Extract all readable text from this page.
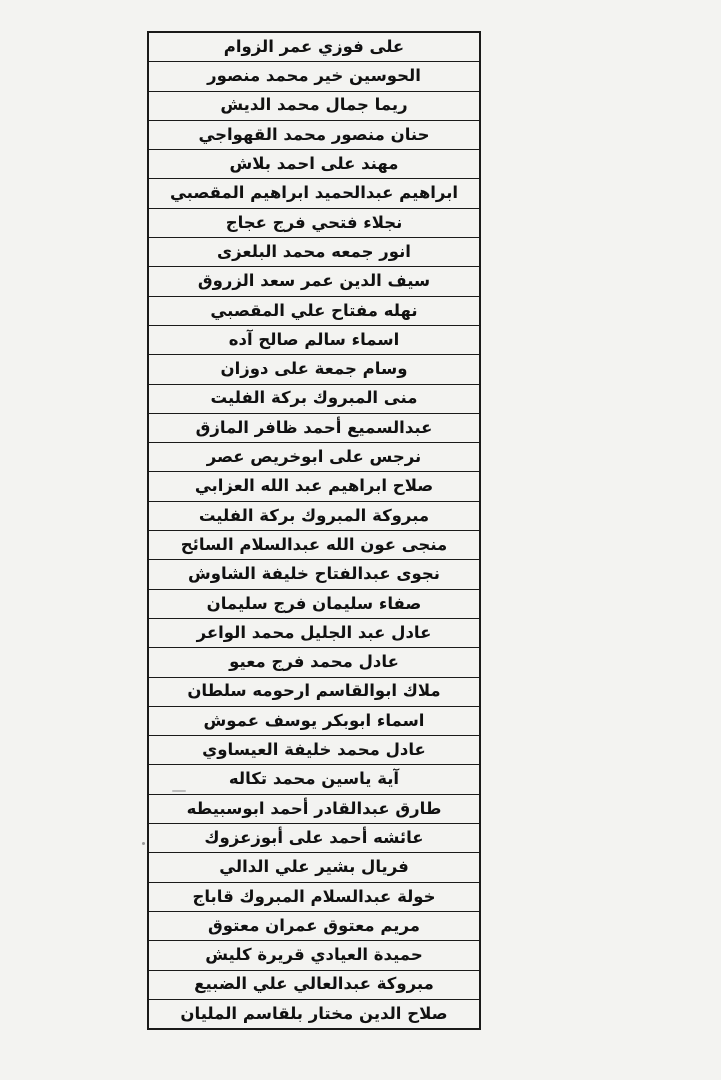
على فوزي عمر الزوام
الحوسين خير محمد منصور
ريما جمال محمد الديش
حنان منصور محمد القهواجي
مهند على احمد بلاش
ابراهيم عبدالحميد ابراهيم المقصبي
نجلاء فتحي فرج عجاج
انور جمعه محمد البلعزى
سيف الدين عمر سعد الزروق
نهله مفتاح علي المقصبي
اسماء سالم صالح آده
وسام جمعة على دوزان
منى المبروك بركة الفليت
عبدالسميع أحمد ظافر المازق
نرجس على ابوخريص عصر
صلاح ابراهيم عبد الله العزابي
مبروكة المبروك بركة الفليت
منجى عون الله عبدالسلام السائح
نجوى عبدالفتاح خليفة الشاوش
صفاء سليمان فرج سليمان
عادل عبد الجليل محمد الواعر
عادل محمد فرج معيو
ملاك ابوالقاسم ارحومه سلطان
اسماء ابوبكر يوسف عموش
عادل محمد خليفة العيساوي
آية ياسين محمد تكاله
طارق عبدالقادر أحمد ابوسبيطه
عائشه أحمد على أبوزعزوك
فريال بشير علي الدالي
خولة عبدالسلام المبروك قاباج
مريم معتوق عمران معتوق
حميدة العيادي قريرة كليش
مبروكة عبدالعالي علي الضبيع
صلاح الدين مختار بلقاسم المليان
